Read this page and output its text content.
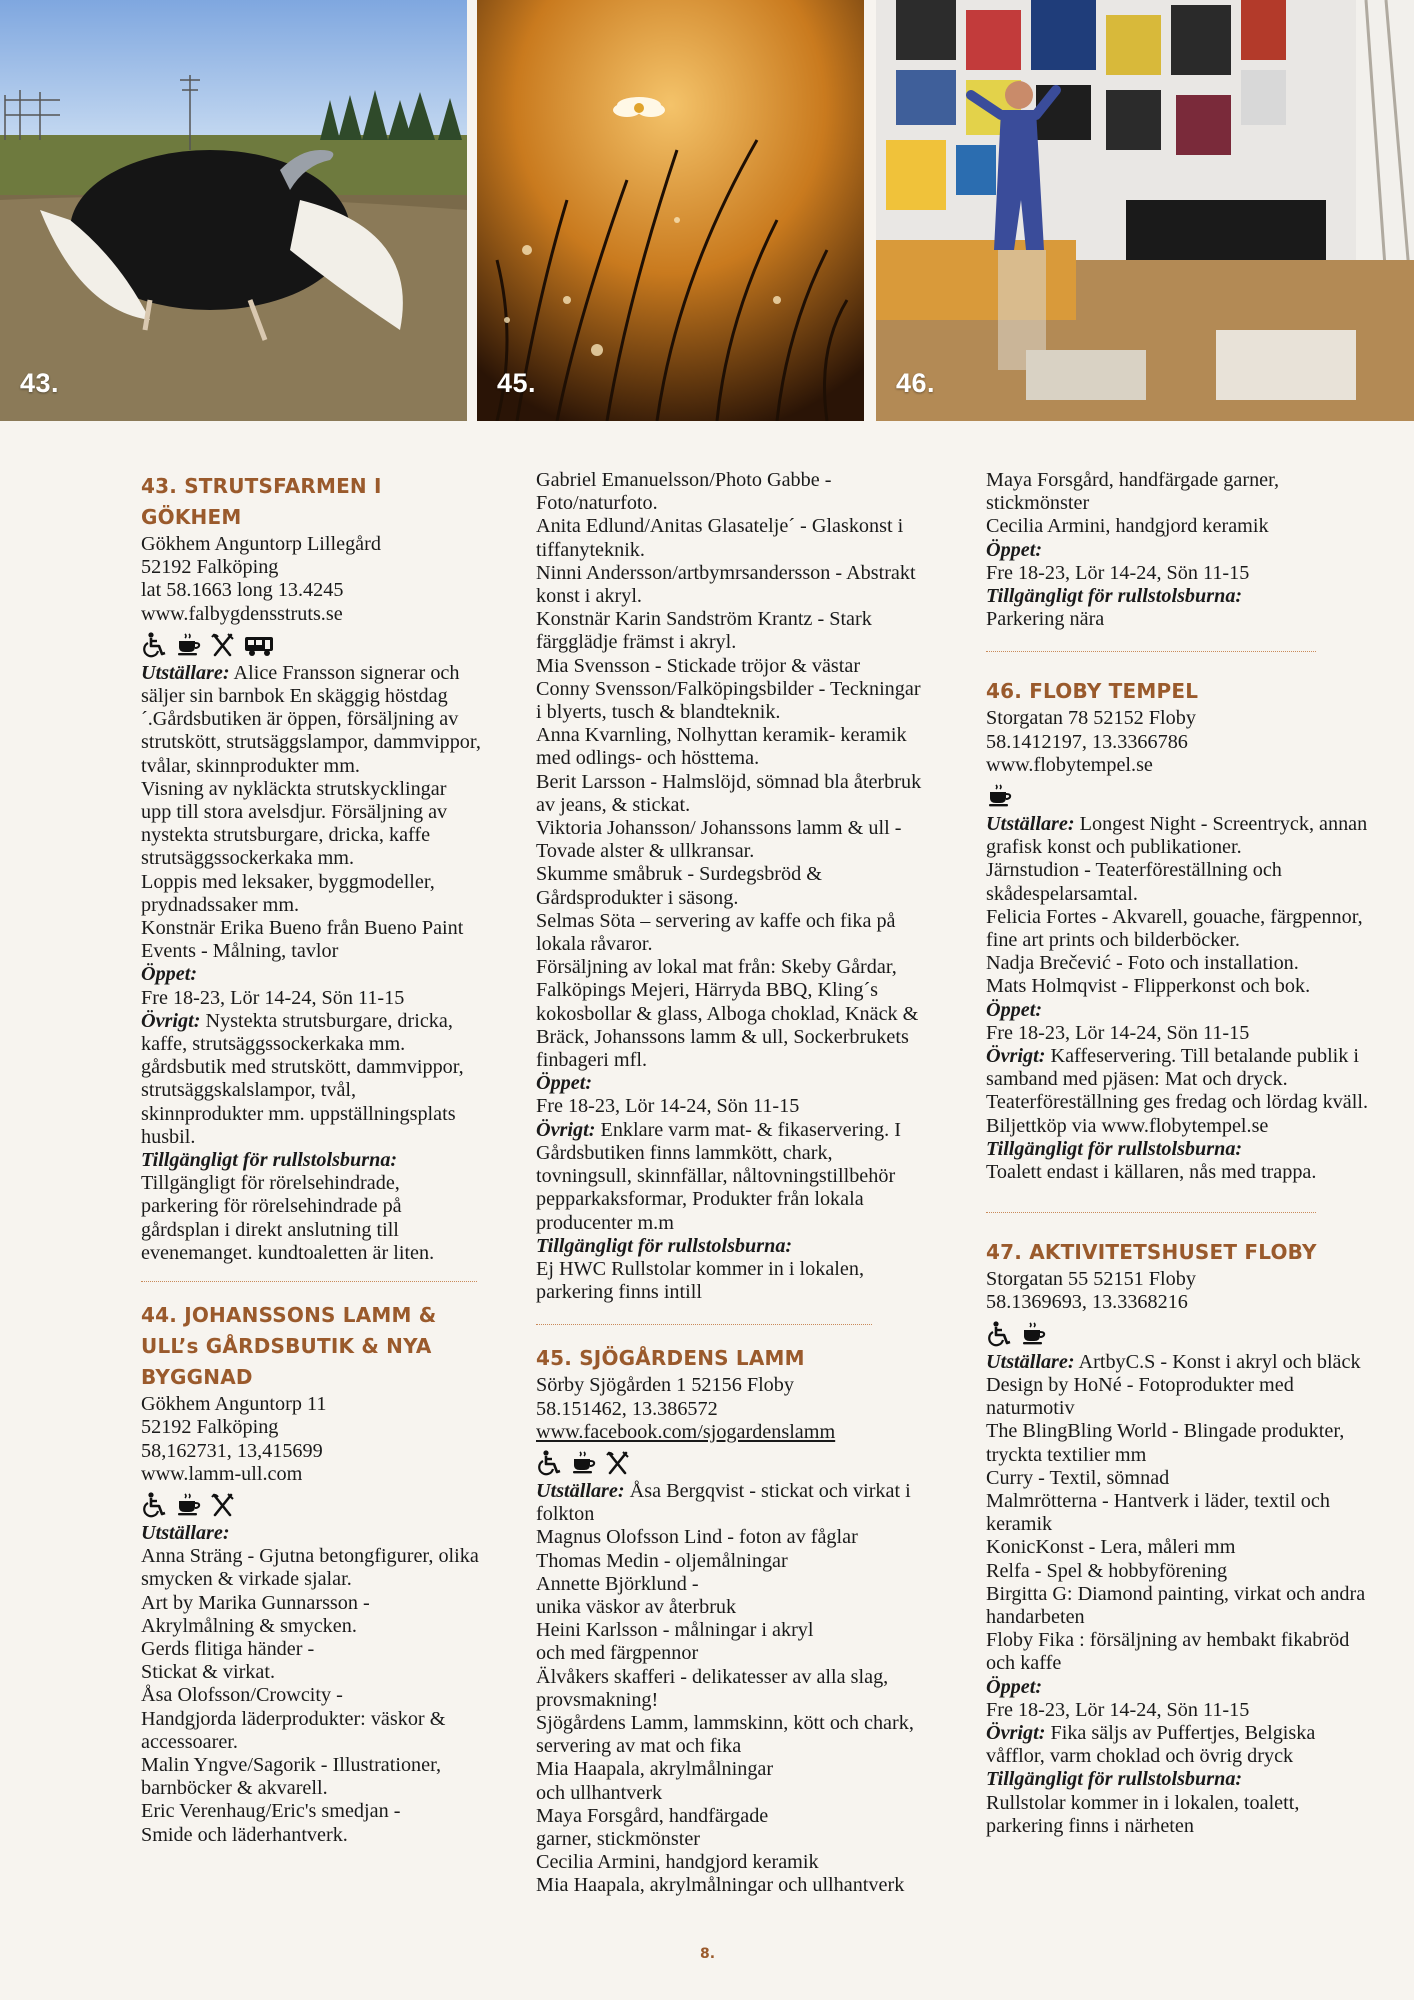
43.	45.	46.
43. STRUTSFARMEN I GÖKHEM

Gökhem Anguntorp Lillegård
52192 Falköping
lat 58.1663 long 13.4245
www.falbygdensstruts.se

Utställare: Alice Fransson signerar och säljer sin barnbok En skäggig höstdag´.Gårdsbutiken är öppen, försäljning av strutskött, strutsäggslampor, dammvippor, tvålar, skinnprodukter mm.
Visning av nykläckta strutskycklingar upp till stora avelsdjur. Försäljning av nystekta strutsburgare, dricka, kaffe strutsäggssockerkaka mm.
Loppis med leksaker, byggmodeller, prydnadssaker mm.
Konstnär Erika Bueno från Bueno Paint Events - Målning, tavlor

Öppet:

Fre 18-23, Lör 14-24, Sön 11-15

Övrigt: Nystekta strutsburgare, dricka, kaffe, strutsäggssockerkaka mm. gårdsbutik med strutskött, dammvippor, strutsäggskalslampor, tvål, skinnprodukter mm. uppställningsplats husbil.

Tillgängligt för rullstolsburna:

Tillgängligt för rörelsehindrade, parkering för rörelsehindrade på gårdsplan i direkt anslutning till evenemanget. kundtoaletten är liten.

44. JOHANSSONS LAMM & ULL’s GÅRDSBUTIK & NYA BYGGNAD

Gökhem Anguntorp 11
52192 Falköping
58,162731, 13,415699
www.lamm-ull.com

Utställare:

Anna Sträng - Gjutna betongfigurer, olika smycken & virkade sjalar.
Art by Marika Gunnarsson - Akrylmålning & smycken.
Gerds flitiga händer -
Stickat & virkat.
Åsa Olofsson/Crowcity -
Handgjorda läderprodukter: väskor & accessoarer.
Malin Yngve/Sagorik - Illustrationer, barnböcker & akvarell.
Eric Verenhaug/Eric's smedjan -
Smide och läderhantverk.

Gabriel Emanuelsson/Photo Gabbe - Foto/naturfoto.
Anita Edlund/Anitas Glasatelje´ - Glaskonst i tiffanyteknik.
Ninni Andersson/artbymrsandersson - Abstrakt konst i akryl.
Konstnär Karin Sandström Krantz - Stark färgglädje främst i akryl.
Mia Svensson - Stickade tröjor & västar
Conny Svensson/Falköpingsbilder - Teckningar i blyerts, tusch & blandteknik.
Anna Kvarnling, Nolhyttan keramik- keramik med odlings- och hösttema.
Berit Larsson - Halmslöjd, sömnad bla återbruk av jeans, & stickat.
Viktoria Johansson/ Johanssons lamm & ull - Tovade alster & ullkransar.
Skumme småbruk - Surdegsbröd & Gårdsprodukter i säsong.
Selmas Söta – servering av kaffe och fika på lokala råvaror.
Försäljning av lokal mat från: Skeby Gårdar, Falköpings Mejeri, Härryda BBQ, Kling´s kokosbollar & glass, Alboga choklad, Knäck & Bräck, Johanssons lamm & ull, Sockerbrukets finbageri mfl.

Öppet:

Fre 18-23, Lör 14-24, Sön 11-15

Övrigt: Enklare varm mat- & fikaservering. I Gårdsbutiken finns lammkött, chark, tovningsull, skinnfällar, nåltovningstillbehör pepparkaksformar, Produkter från lokala producenter m.m

Tillgängligt för rullstolsburna:

Ej HWC Rullstolar kommer in i lokalen, parkering finns intill

45. SJÖGÅRDENS LAMM

Sörby Sjögården 1 52156 Floby
58.151462, 13.386572

www.facebook.com/sjogardenslamm

Utställare: Åsa Bergqvist - stickat och virkat i folkton
Magnus Olofsson Lind - foton av fåglar
Thomas Medin - oljemålningar
Annette Björklund -
unika väskor av återbruk
Heini Karlsson - målningar i akryl
och med färgpennor
Älvåkers skafferi - delikatesser av alla slag, provsmakning!
Sjögårdens Lamm, lammskinn, kött och chark, servering av mat och fika
Mia Haapala, akrylmålningar
och ullhantverk
Maya Forsgård, handfärgade
garner, stickmönster
Cecilia Armini, handgjord keramik
Mia Haapala, akrylmålningar och ullhantverk

Maya Forsgård, handfärgade garner, stickmönster
Cecilia Armini, handgjord keramik

Öppet:

Fre 18-23, Lör 14-24, Sön 11-15

Tillgängligt för rullstolsburna:

Parkering nära

46. FLOBY TEMPEL

Storgatan 78 52152 Floby
58.1412197, 13.3366786
www.flobytempel.se

Utställare: Longest Night - Screentryck, annan grafisk konst och publikationer.
Järnstudion - Teaterföreställning och skådespelarsamtal.
Felicia Fortes - Akvarell, gouache, färgpennor, fine art prints och bilderböcker.
Nadja Brečević - Foto och installation.
Mats Holmqvist - Flipperkonst och bok.

Öppet:

Fre 18-23, Lör 14-24, Sön 11-15

Övrigt: Kaffeservering. Till betalande publik i samband med pjäsen: Mat och dryck. Teaterföreställning ges fredag och lördag kväll. Biljettköp via www.flobytempel.se

Tillgängligt för rullstolsburna:

Toalett endast i källaren, nås med trappa.

47. AKTIVITETSHUSET FLOBY

Storgatan 55 52151 Floby
58.1369693, 13.3368216

Utställare: ArtbyC.S - Konst i akryl och bläck
Design by HoNé - Fotoprodukter med naturmotiv
The BlingBling World - Blingade produkter, tryckta textilier mm
Curry - Textil, sömnad
Malmrötterna - Hantverk i läder, textil och keramik
KonicKonst - Lera, måleri mm
Relfa - Spel & hobbyförening
Birgitta G: Diamond painting, virkat och andra handarbeten
Floby Fika : försäljning av hembakt fikabröd och kaffe

Öppet:

Fre 18-23, Lör 14-24, Sön 11-15

Övrigt: Fika säljs av Puffertjes, Belgiska våfflor, varm choklad och övrig dryck

Tillgängligt för rullstolsburna:

Rullstolar kommer in i lokalen, toalett, parkering finns i närheten

8.
